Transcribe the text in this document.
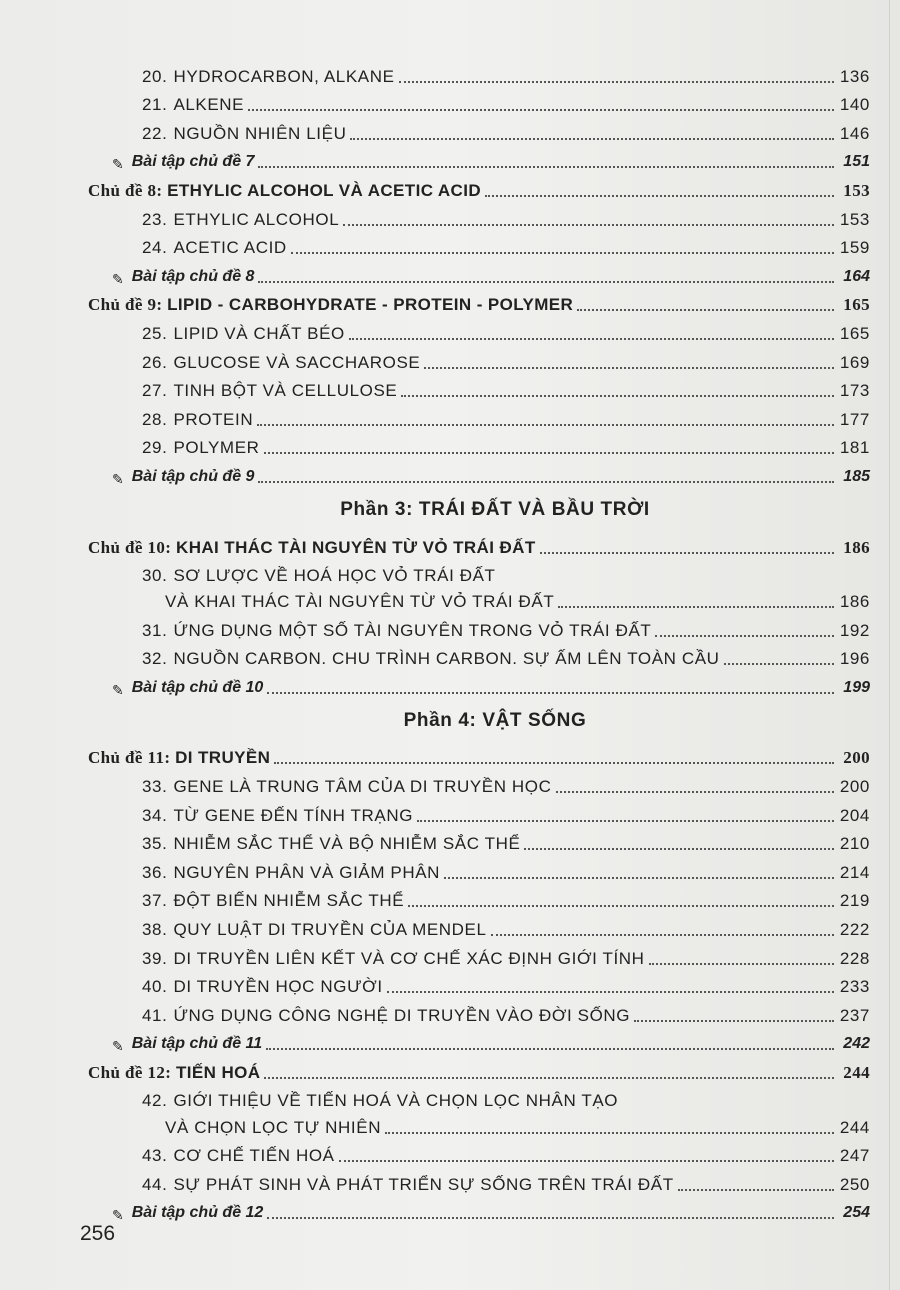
20. HYDROCARBON, ALKANE	136
21. ALKENE	140
22. NGUỒN NHIÊN LIỆU	146
✎ Bài tập chủ đề 7	151
Chủ đề 8: ETHYLIC ALCOHOL VÀ ACETIC ACID	153
23. ETHYLIC ALCOHOL	153
24. ACETIC ACID	159
✎ Bài tập chủ đề 8	164
Chủ đề 9: LIPID - CARBOHYDRATE - PROTEIN - POLYMER	165
25. LIPID VÀ CHẤT BÉO	165
26. GLUCOSE VÀ SACCHAROSE	169
27. TINH BỘT VÀ CELLULOSE	173
28. PROTEIN	177
29. POLYMER	181
✎ Bài tập chủ đề 9	185
Phần 3: TRÁI ĐẤT VÀ BẦU TRỜI
Chủ đề 10: KHAI THÁC TÀI NGUYÊN TỪ VỎ TRÁI ĐẤT	186
30. SƠ LƯỢC VỀ HOÁ HỌC VỎ TRÁI ĐẤT
VÀ KHAI THÁC TÀI NGUYÊN TỪ VỎ TRÁI ĐẤT	186
31. ỨNG DỤNG MỘT SỐ TÀI NGUYÊN TRONG VỎ TRÁI ĐẤT	192
32. NGUỒN CARBON. CHU TRÌNH CARBON. SỰ ẤM LÊN TOÀN CẦU	196
✎ Bài tập chủ đề 10	199
Phần 4: VẬT SỐNG
Chủ đề 11: DI TRUYỀN	200
33. GENE LÀ TRUNG TÂM CỦA DI TRUYỀN HỌC	200
34. TỪ GENE ĐẾN TÍNH TRẠNG	204
35. NHIỄM SẮC THỂ VÀ BỘ NHIỄM SẮC THỂ	210
36. NGUYÊN PHÂN VÀ GIẢM PHÂN	214
37. ĐỘT BIẾN NHIỄM SẮC THỂ	219
38. QUY LUẬT DI TRUYỀN CỦA MENDEL	222
39. DI TRUYỀN LIÊN KẾT VÀ CƠ CHẾ XÁC ĐỊNH GIỚI TÍNH	228
40. DI TRUYỀN HỌC NGƯỜI	233
41. ỨNG DỤNG CÔNG NGHỆ DI TRUYỀN VÀO ĐỜI SỐNG	237
✎ Bài tập chủ đề 11	242
Chủ đề 12: TIẾN HOÁ	244
42. GIỚI THIỆU VỀ TIẾN HOÁ VÀ CHỌN LỌC NHÂN TẠO
VÀ CHỌN LỌC TỰ NHIÊN	244
43. CƠ CHẾ TIẾN HOÁ	247
44. SỰ PHÁT SINH VÀ PHÁT TRIỂN SỰ SỐNG TRÊN TRÁI ĐẤT	250
✎ Bài tập chủ đề 12	254
256
